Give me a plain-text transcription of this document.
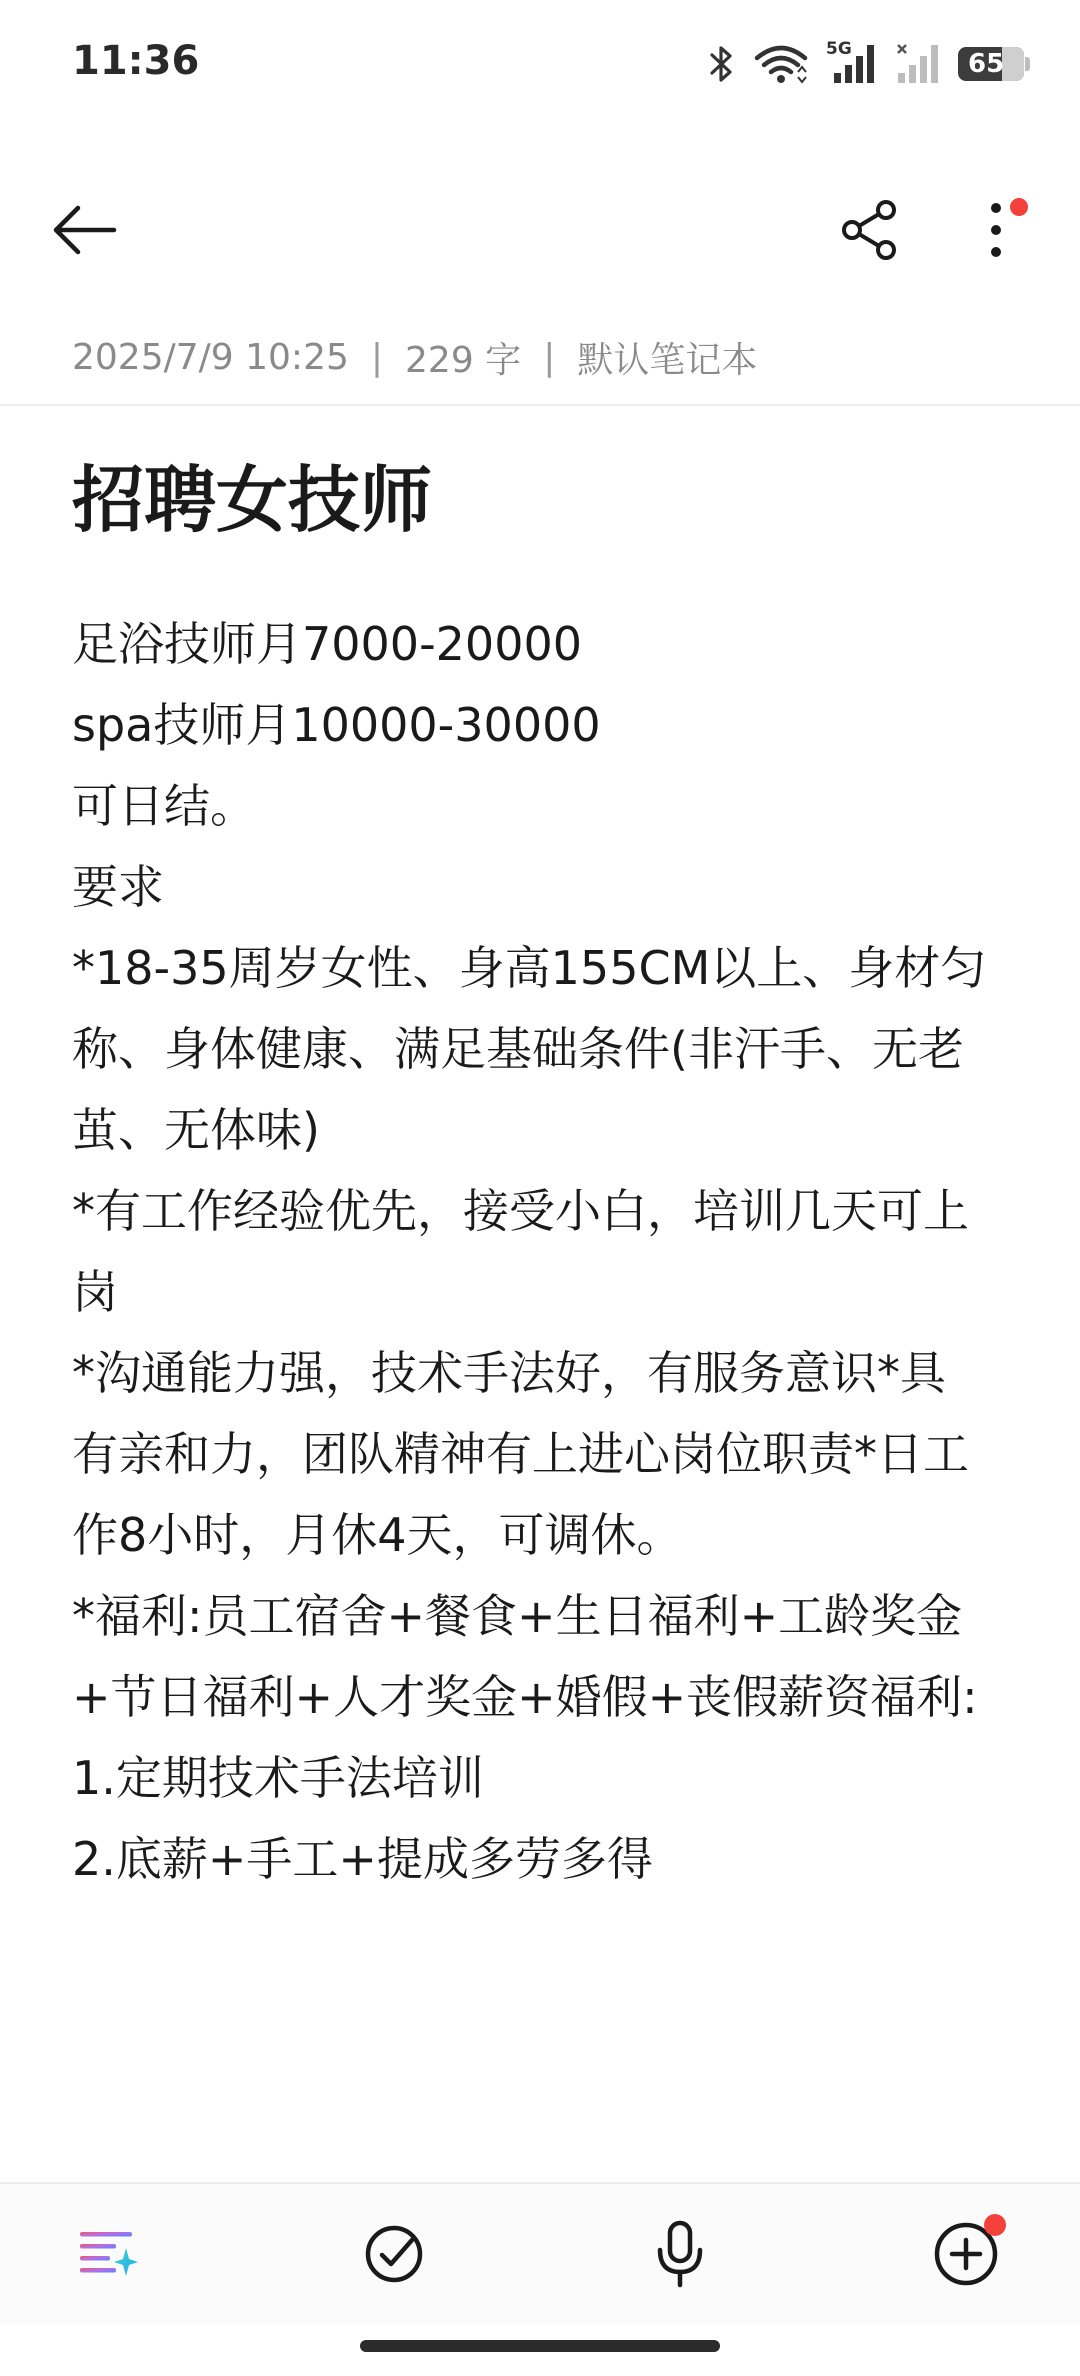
11:36	5G	65
2025/7/9 10:25 | 229 字 | 默认笔记本
招聘女技师
足浴技师月7000-20000
spa技师月10000-30000
可日结。
要求
*18-35周岁女性、身高155CM以上、身材匀
称、身体健康、满足基础条件(非汗手、无老
茧、无体味)
*有工作经验优先，接受小白，培训几天可上
岗
*沟通能力强，技术手法好，有服务意识*具
有亲和力，团队精神有上进心岗位职责*日工
作8小时，月休4天，可调休。
*福利:员工宿舍+餐食+生日福利+工龄奖金
+节日福利+人才奖金+婚假+丧假薪资福利:
1.定期技术手法培训
2.底薪+手工+提成多劳多得
